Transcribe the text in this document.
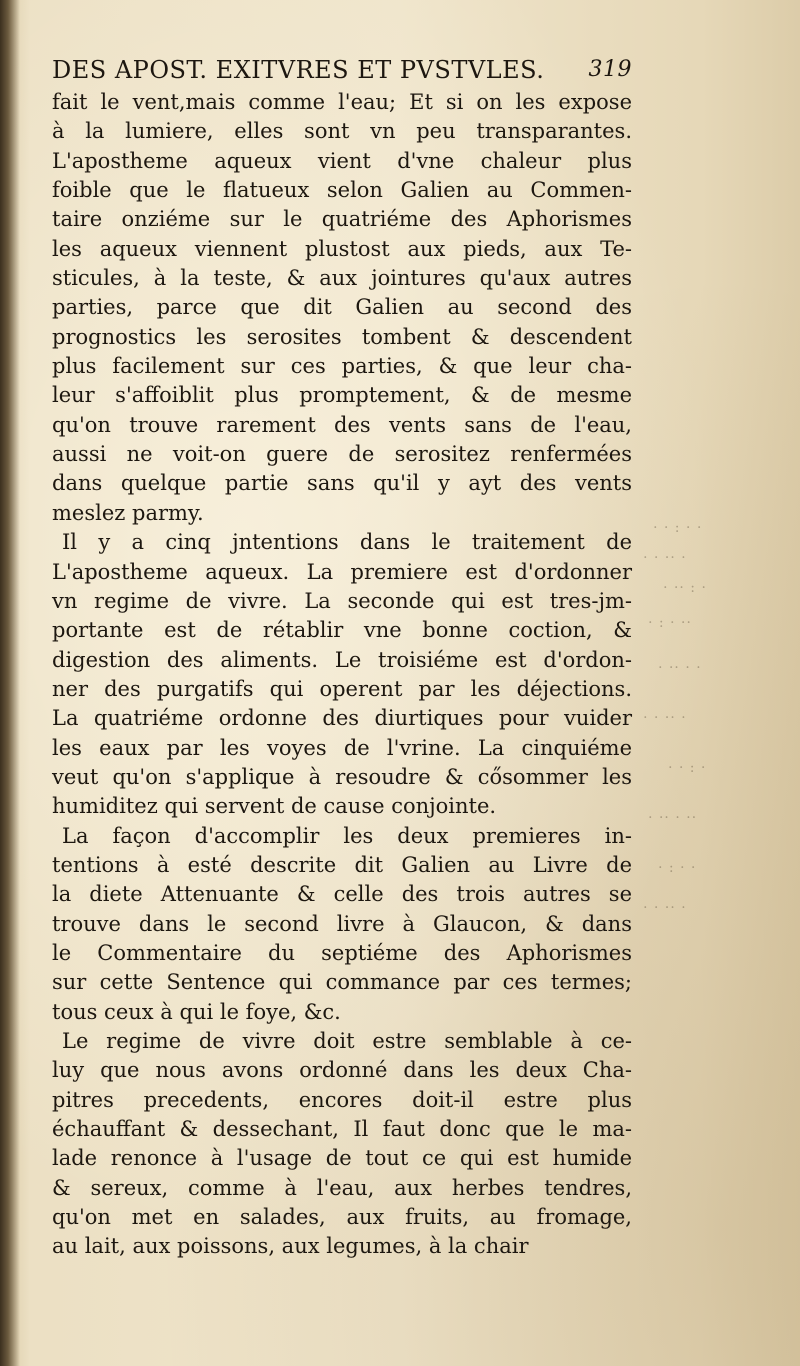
· · : · ·
· ·· · ·
· : ·· ·
·· · : ·
· · ·· ·
· ·· · ·
· : · ·
·· · ·· ·
· · : ·
· ·· · ·
DES APOST. EXITVRES ET PVSTVLES. 319
fait le vent,mais comme l'eau; Et si on les expose
à la lumiere, elles sont vn peu transparantes.
L'apostheme aqueux vient d'vne chaleur plus
foible que le flatueux selon Galien au Commen-
taire onziéme sur le quatriéme des Aphorismes
les aqueux viennent plustost aux pieds, aux Te-
sticules, à la teste, & aux jointures qu'aux autres
parties, parce que dit Galien au second des
prognostics les serosites tombent & descendent
plus facilement sur ces parties, & que leur cha-
leur s'affoiblit plus promptement, & de mesme
qu'on trouve rarement des vents sans de l'eau,
aussi ne voit-on guere de serositez renfermées
dans quelque partie sans qu'il y ayt des vents
meslez parmy.
Il y a cinq jntentions dans le traitement de
L'apostheme aqueux. La premiere est d'ordonner
vn regime de vivre. La seconde qui est tres-jm-
portante est de rétablir vne bonne coction, &
digestion des aliments. Le troisiéme est d'ordon-
ner des purgatifs qui operent par les déjections.
La quatriéme ordonne des diurtiques pour vuider
les eaux par les voyes de l'vrine. La cinquiéme
veut qu'on s'applique à resoudre & cősommer les
humiditez qui servent de cause conjointe.
La façon d'accomplir les deux premieres in-
tentions à esté descrite dit Galien au Livre de
la diete Attenuante & celle des trois autres se
trouve dans le second livre à Glaucon, & dans
le Commentaire du septiéme des Aphorismes
sur cette Sentence qui commance par ces termes;
tous ceux à qui le foye, &c.
Le regime de vivre doit estre semblable à ce-
luy que nous avons ordonné dans les deux Cha-
pitres precedents, encores doit-il estre plus
échauffant & dessechant, Il faut donc que le ma-
lade renonce à l'usage de tout ce qui est humide
& sereux, comme à l'eau, aux herbes tendres,
qu'on met en salades, aux fruits, au fromage,
au lait, aux poissons, aux legumes, à la chair
